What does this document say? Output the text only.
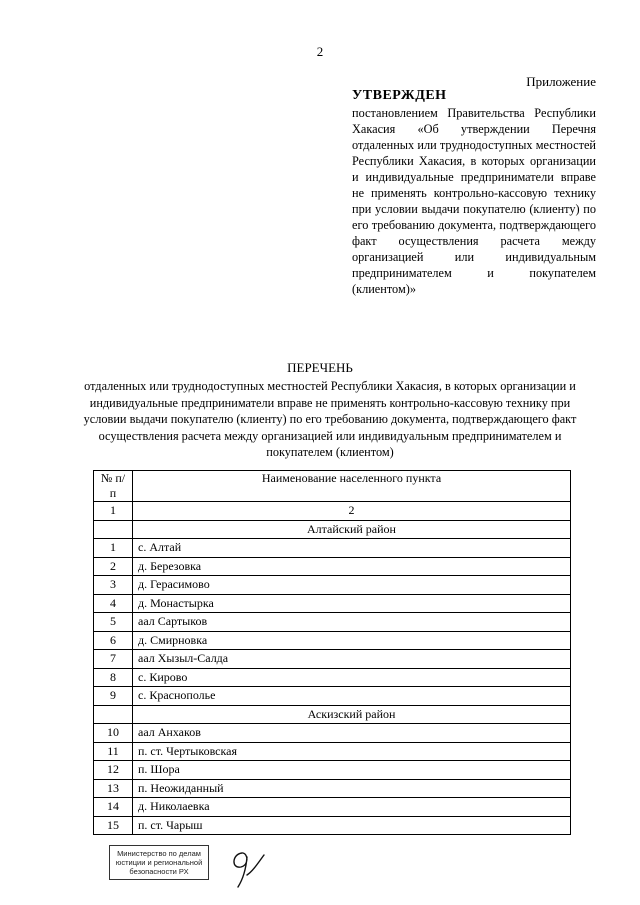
2
Приложение
УТВЕРЖДЕН
постановлением Правительства Республики Хакасия «Об утверждении Перечня отдаленных или труднодоступных местностей Республики Хакасия, в которых организации и индивидуальные предприниматели вправе не применять контрольно-кассовую технику при условии выдачи покупателю (клиенту) по его требованию документа, подтверждающего факт осуществления расчета между организацией или индивидуальным предпринимателем и покупателем (клиентом)»
ПЕРЕЧЕНЬ
отдаленных или труднодоступных местностей Республики Хакасия, в которых организации и индивидуальные предприниматели вправе не применять контрольно-кассовую технику при условии выдачи покупателю (клиенту) по его требованию документа, подтверждающего факт осуществления расчета между организацией или индивидуальным предпринимателем и покупателем (клиентом)
№ п/п	Наименование населенного пункта
1	2
	Алтайский район
1	с. Алтай
2	д. Березовка
3	д. Герасимово
4	д. Монастырка
5	аал Сартыков
6	д. Смирновка
7	аал Хызыл-Салда
8	с. Кирово
9	с. Краснополье
	Аскизский район
10	аал Анхаков
11	п. ст. Чертыковская
12	п. Шора
13	п. Неожиданный
14	д. Николаевка
15	п. ст. Чарыш
Министерство по делам юстиции и региональной безопасности РХ
